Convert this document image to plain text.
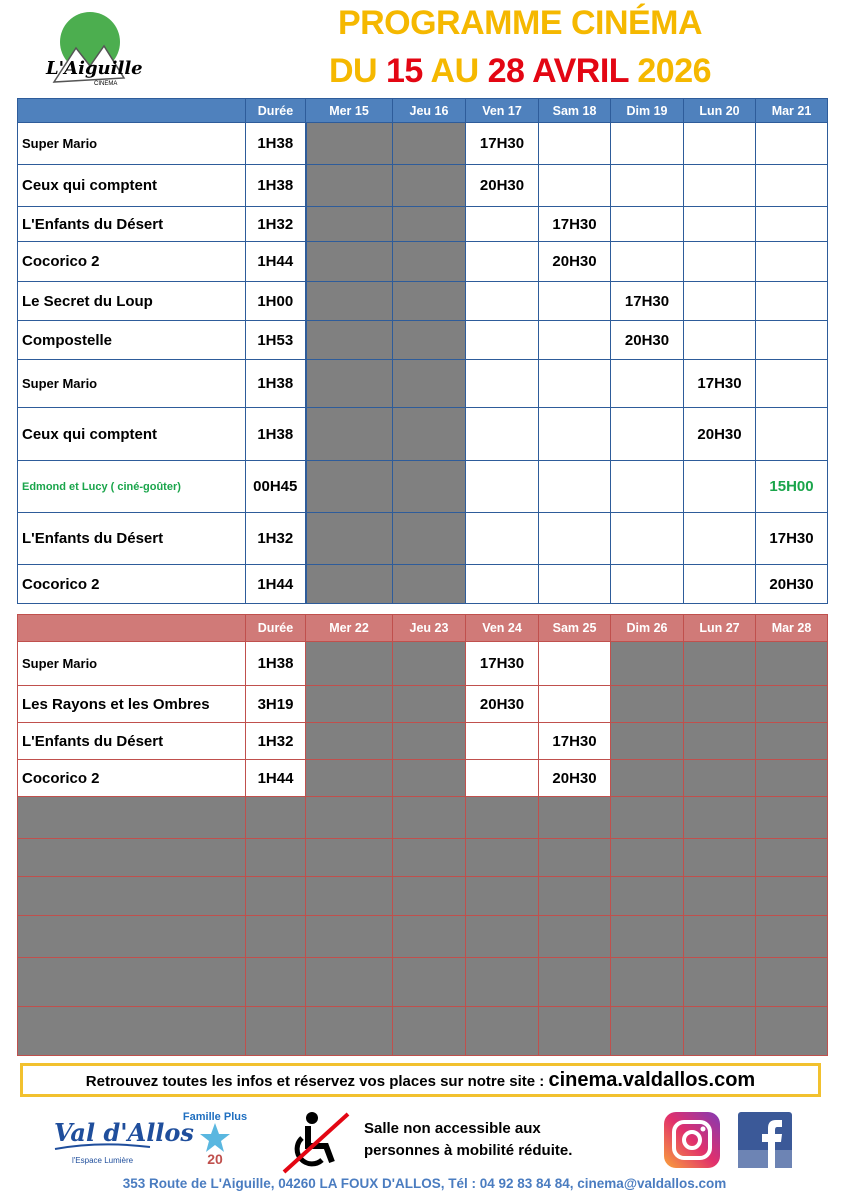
L'Aiguille
CINEMA
PROGRAMME CINÉMA
DU 15 AU 28 AVRIL 2026
	Durée	Mer 15	Jeu 16	Ven 17	Sam 18	Dim 19	Lun 20	Mar 21
Super Mario	1H38			17H30				
Ceux qui comptent	1H38			20H30				
L'Enfants du Désert	1H32				17H30			
Cocorico 2	1H44				20H30			
Le Secret du Loup	1H00					17H30		
Compostelle	1H53					20H30		
Super Mario	1H38						17H30	
Ceux qui comptent	1H38						20H30	
Edmond et Lucy ( ciné-goûter)	00H45							15H00
L'Enfants du Désert	1H32							17H30
Cocorico 2	1H44							20H30
	Durée	Mer 22	Jeu 23	Ven 24	Sam 25	Dim 26	Lun 27	Mar 28
Super Mario	1H38			17H30				
Les Rayons et les Ombres	3H19			20H30				
L'Enfants du Désert	1H32				17H30			
Cocorico 2	1H44				20H30			

Retrouvez toutes les infos et réservez vos places sur notre site : cinema.valdallos.com
Val d'Allos
l'Espace Lumière
Famille Plus
20
Salle non accessible aux
personnes à mobilité réduite.
353 Route de L'Aiguille, 04260 LA FOUX D'ALLOS, Tél : 04 92 83 84 84, cinema@valdallos.com
